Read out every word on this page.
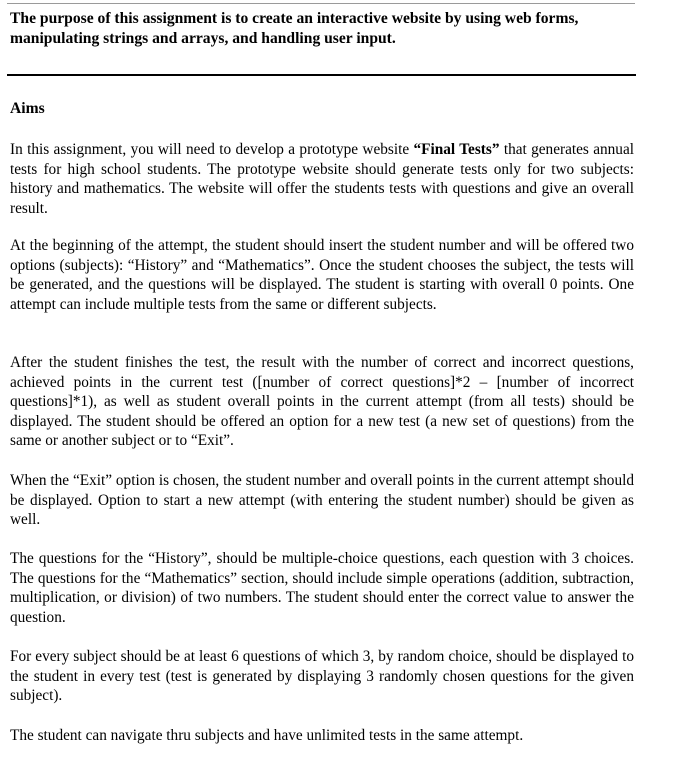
The purpose of this assignment is to create an interactive website by using web forms, manipulating strings and arrays, and handling user input.
Aims

In this assignment, you will need to develop a prototype website “Final Tests” that generates annual tests for high school students. The prototype website should generate tests only for two subjects: history and mathematics. The website will offer the students tests with questions and give an overall result.

At the beginning of the attempt, the student should insert the student number and will be offered two options (subjects): “History” and “Mathematics”. Once the student chooses the subject, the tests will be generated, and the questions will be displayed. The student is starting with overall 0 points. One attempt can include multiple tests from the same or different subjects.

After the student finishes the test, the result with the number of correct and incorrect questions, achieved points in the current test ([number of correct questions]*2 – [number of incorrect questions]*1), as well as student overall points in the current attempt (from all tests) should be displayed. The student should be offered an option for a new test (a new set of questions) from the same or another subject or to “Exit”.

When the “Exit” option is chosen, the student number and overall points in the current attempt should be displayed. Option to start a new attempt (with entering the student number) should be given as well.

The questions for the “History”, should be multiple-choice questions, each question with 3 choices. The questions for the “Mathematics” section, should include simple operations (addition, subtraction, multiplication, or division) of two numbers. The student should enter the correct value to answer the question.

For every subject should be at least 6 questions of which 3, by random choice, should be displayed to the student in every test (test is generated by displaying 3 randomly chosen questions for the given subject).

The student can navigate thru subjects and have unlimited tests in the same attempt.
